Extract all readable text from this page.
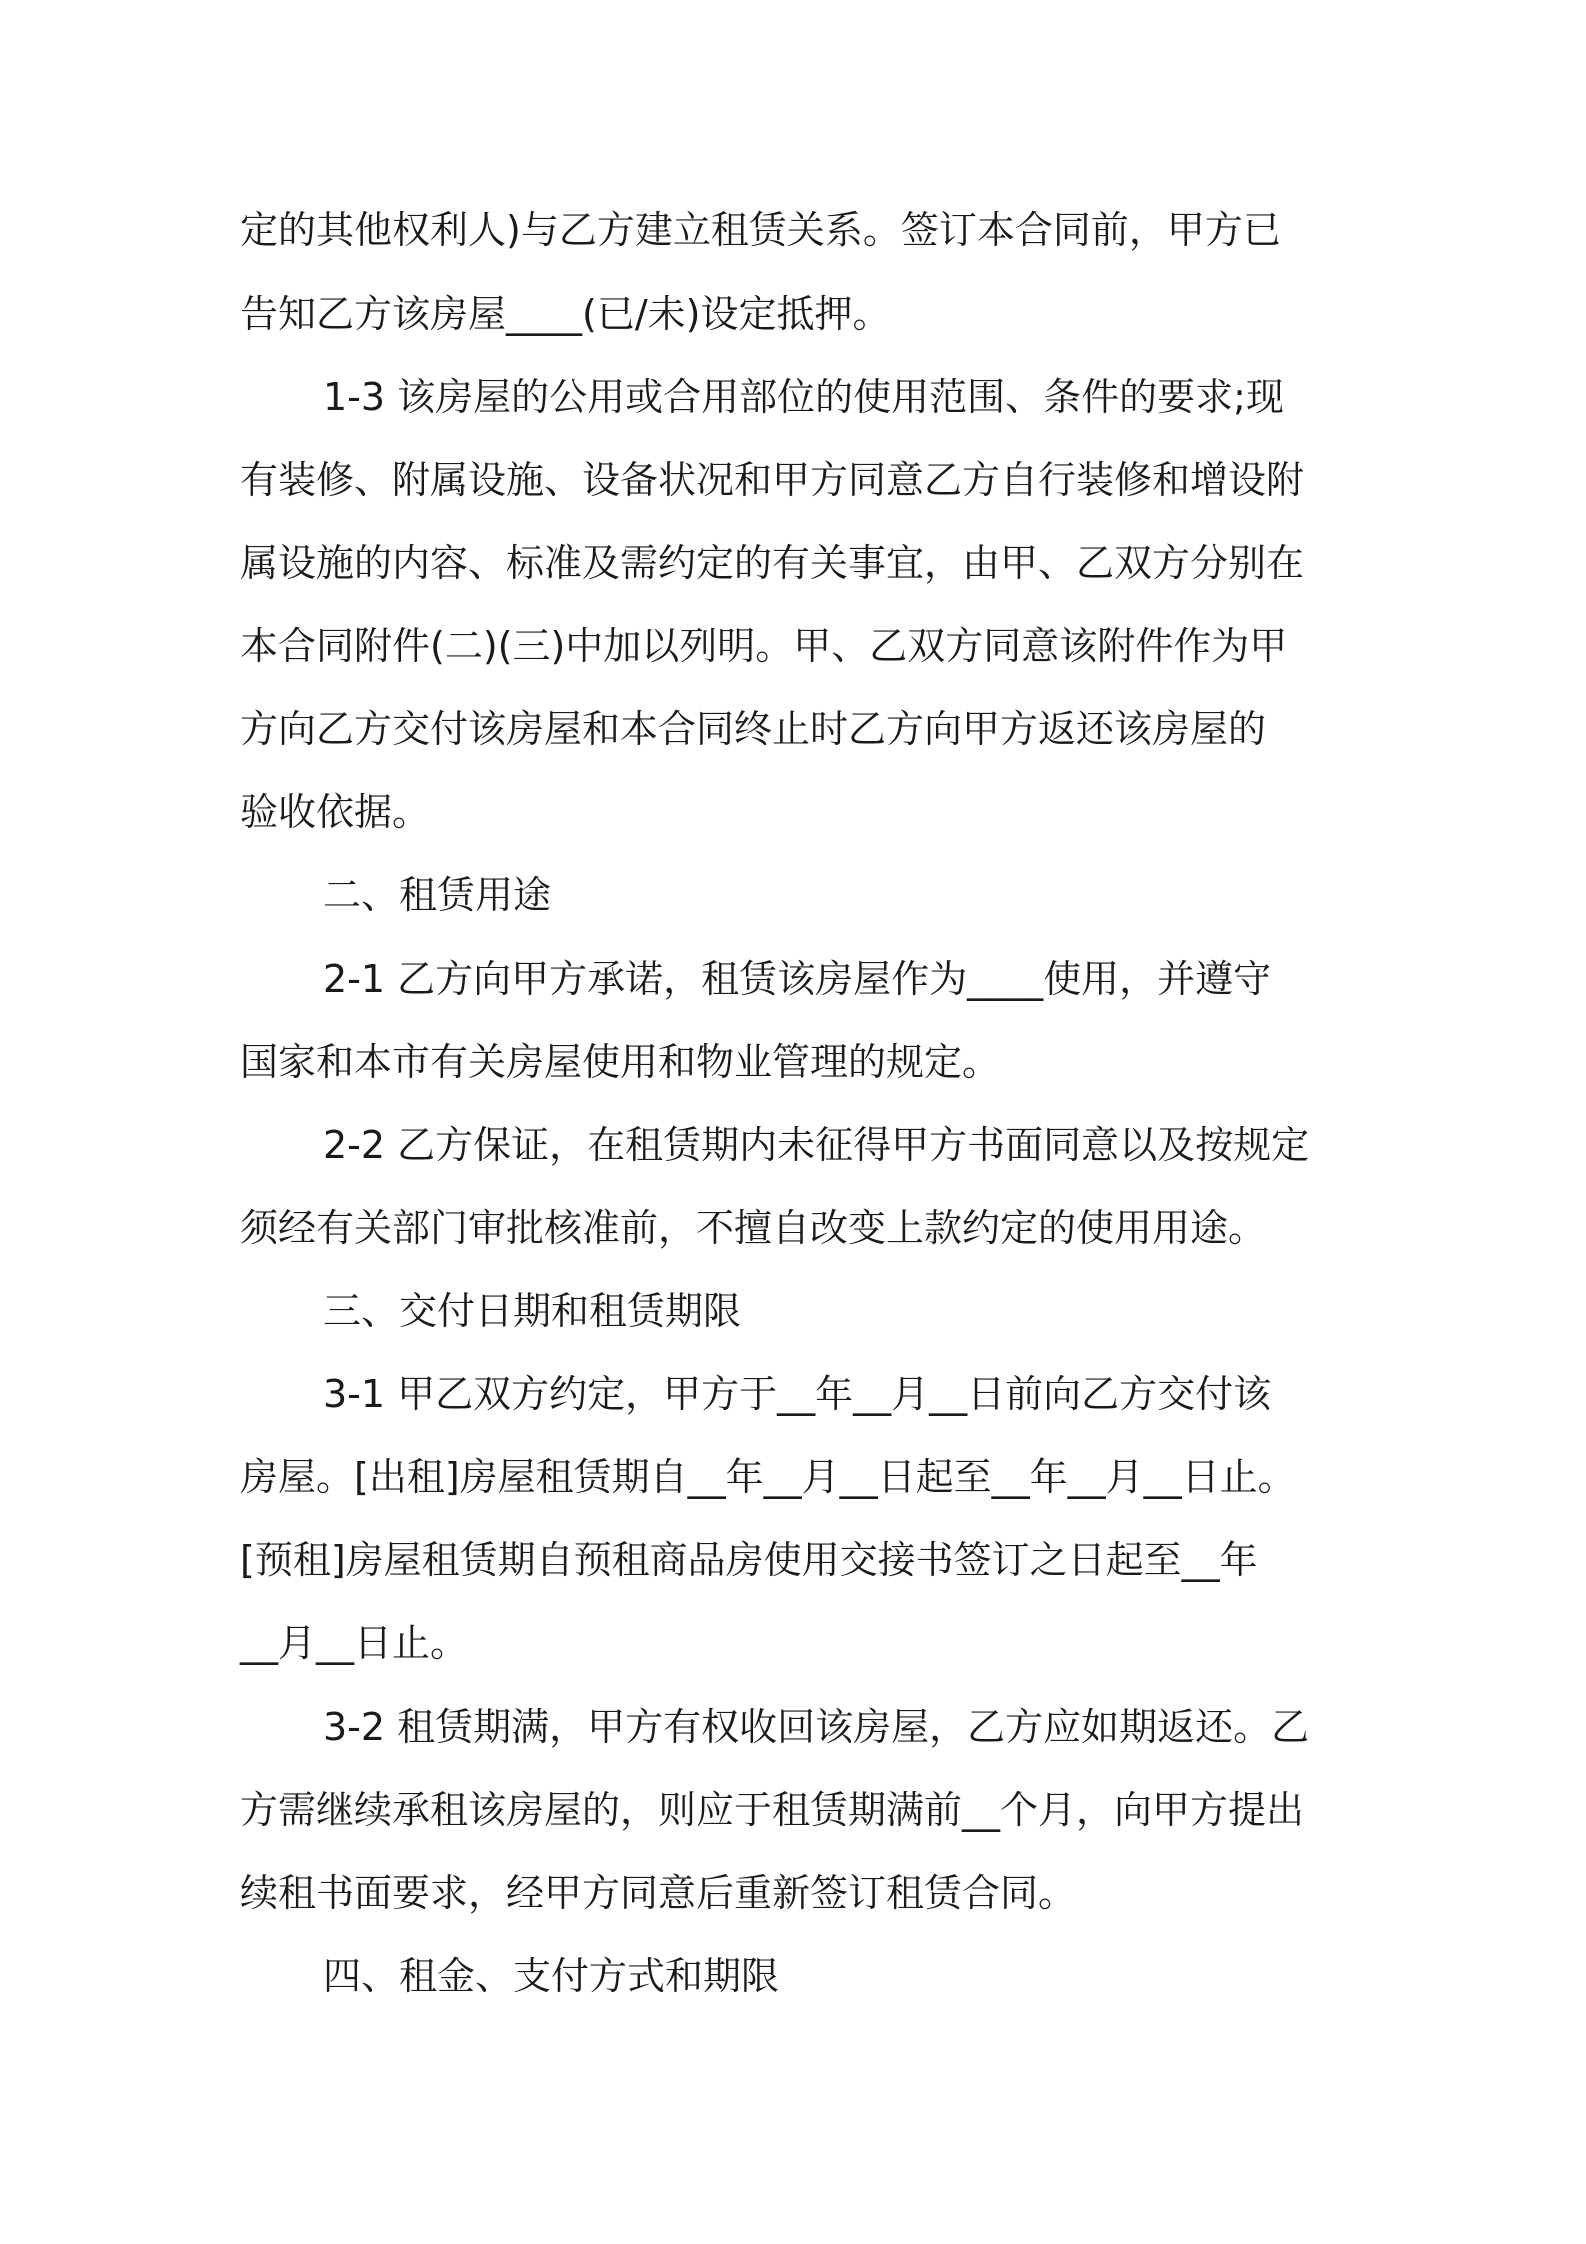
定的其他权利人)与乙方建立租赁关系。签订本合同前，甲方已

告知乙方该房屋____(已/未)设定抵押。

1-3 该房屋的公用或合用部位的使用范围、条件的要求;现

有装修、附属设施、设备状况和甲方同意乙方自行装修和增设附

属设施的内容、标准及需约定的有关事宜，由甲、乙双方分别在

本合同附件(二)(三)中加以列明。甲、乙双方同意该附件作为甲

方向乙方交付该房屋和本合同终止时乙方向甲方返还该房屋的

验收依据。

二、租赁用途

2-1 乙方向甲方承诺，租赁该房屋作为____使用，并遵守

国家和本市有关房屋使用和物业管理的规定。

2-2 乙方保证，在租赁期内未征得甲方书面同意以及按规定

须经有关部门审批核准前，不擅自改变上款约定的使用用途。

三、交付日期和租赁期限

3-1 甲乙双方约定，甲方于__年__月__日前向乙方交付该

房屋。[出租]房屋租赁期自__年__月__日起至__年__月__日止。

[预租]房屋租赁期自预租商品房使用交接书签订之日起至__年

__月__日止。

3-2 租赁期满，甲方有权收回该房屋，乙方应如期返还。乙

方需继续承租该房屋的，则应于租赁期满前__个月，向甲方提出

续租书面要求，经甲方同意后重新签订租赁合同。

四、租金、支付方式和期限
